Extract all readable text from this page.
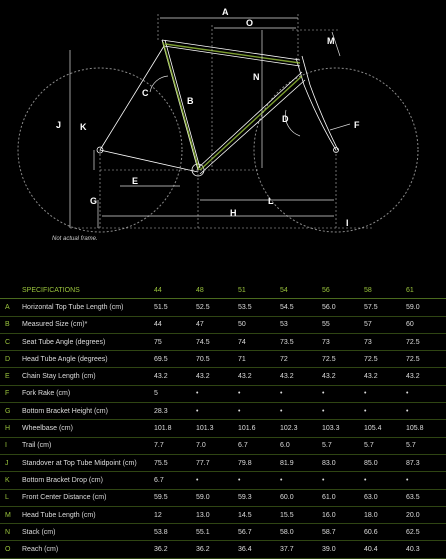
A
O
M
B
C
N
D
F
J K
E
G
H
L
I
Not actual frame.
	SPECIFICATIONS	44	48	51	54	56	58	61
A	Horizontal Top Tube Length (cm)	51.5	52.5	53.5	54.5	56.0	57.5	59.0
B	Measured Size (cm)*	44	47	50	53	55	57	60
C	Seat Tube Angle (degrees)	75	74.5	74	73.5	73	73	72.5
D	Head Tube Angle (degrees)	69.5	70.5	71	72	72.5	72.5	72.5
E	Chain Stay Length (cm)	43.2	43.2	43.2	43.2	43.2	43.2	43.2
F	Fork Rake (cm)	5	•	•	•	•	•	•
G	Bottom Bracket Height (cm)	28.3	•	•	•	•	•	•
H	Wheelbase (cm)	101.8	101.3	101.6	102.3	103.3	105.4	105.8
I	Trail (cm)	7.7	7.0	6.7	6.0	5.7	5.7	5.7
J	Standover at Top Tube Midpoint (cm)	75.5	77.7	79.8	81.9	83.0	85.0	87.3
K	Bottom Bracket Drop (cm)	6.7	•	•	•	•	•	•
L	Front Center Distance (cm)	59.5	59.0	59.3	60.0	61.0	63.0	63.5
M	Head Tube Length (cm)	12	13.0	14.5	15.5	16.0	18.0	20.0
N	Stack (cm)	53.8	55.1	56.7	58.0	58.7	60.6	62.5
O	Reach (cm)	36.2	36.2	36.4	37.7	39.0	40.4	40.3
